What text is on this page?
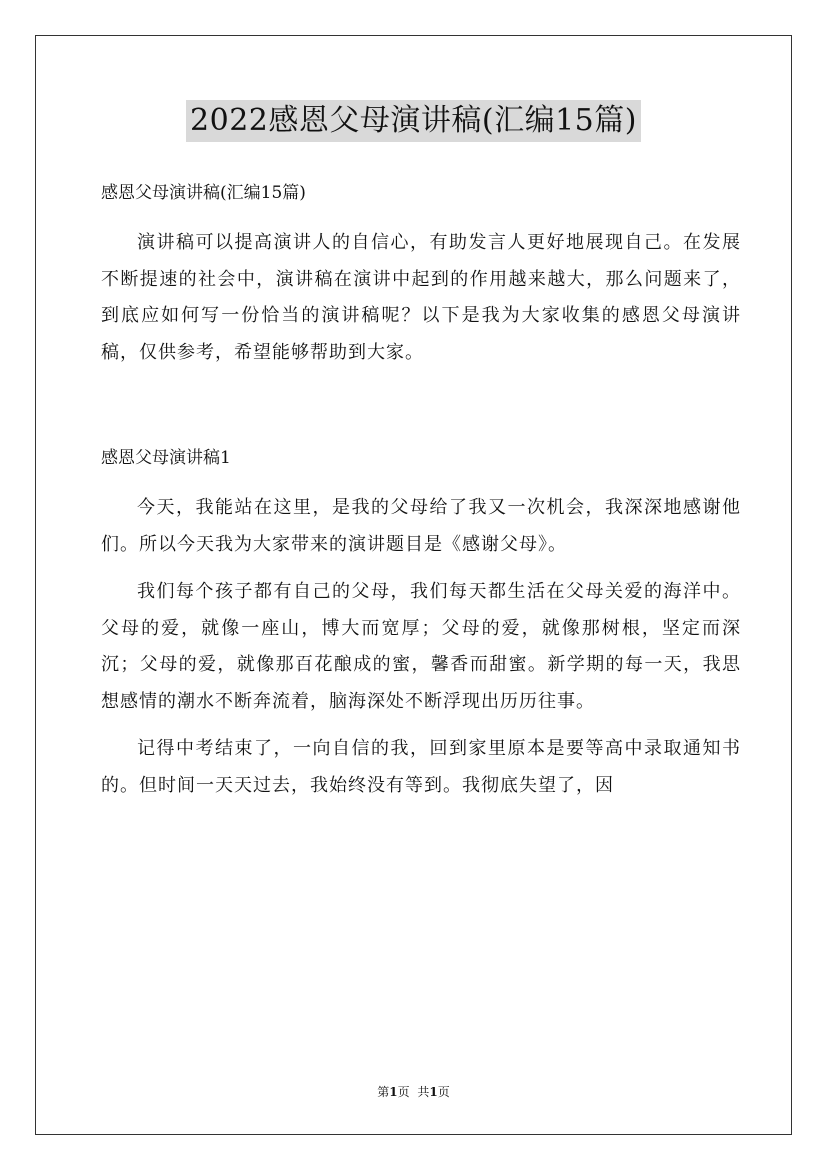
2022感恩父母演讲稿(汇编15篇)

感恩父母演讲稿(汇编15篇)

演讲稿可以提高演讲人的自信心，有助发言人更好地展现自己。在发展不断提速的社会中，演讲稿在演讲中起到的作用越来越大，那么问题来了，到底应如何写一份恰当的演讲稿呢？以下是我为大家收集的感恩父母演讲稿，仅供参考，希望能够帮助到大家。

感恩父母演讲稿1

今天，我能站在这里，是我的父母给了我又一次机会，我深深地感谢他们。所以今天我为大家带来的演讲题目是《感谢父母》。

我们每个孩子都有自己的父母，我们每天都生活在父母关爱的海洋中。父母的爱，就像一座山，博大而宽厚；父母的爱，就像那树根，坚定而深沉；父母的爱，就像那百花酿成的蜜，馨香而甜蜜。新学期的每一天，我思想感情的潮水不断奔流着，脑海深处不断浮现出历历往事。

记得中考结束了，一向自信的我，回到家里原本是要等高中录取通知书的。但时间一天天过去，我始终没有等到。我彻底失望了，因

第1页 共1页
